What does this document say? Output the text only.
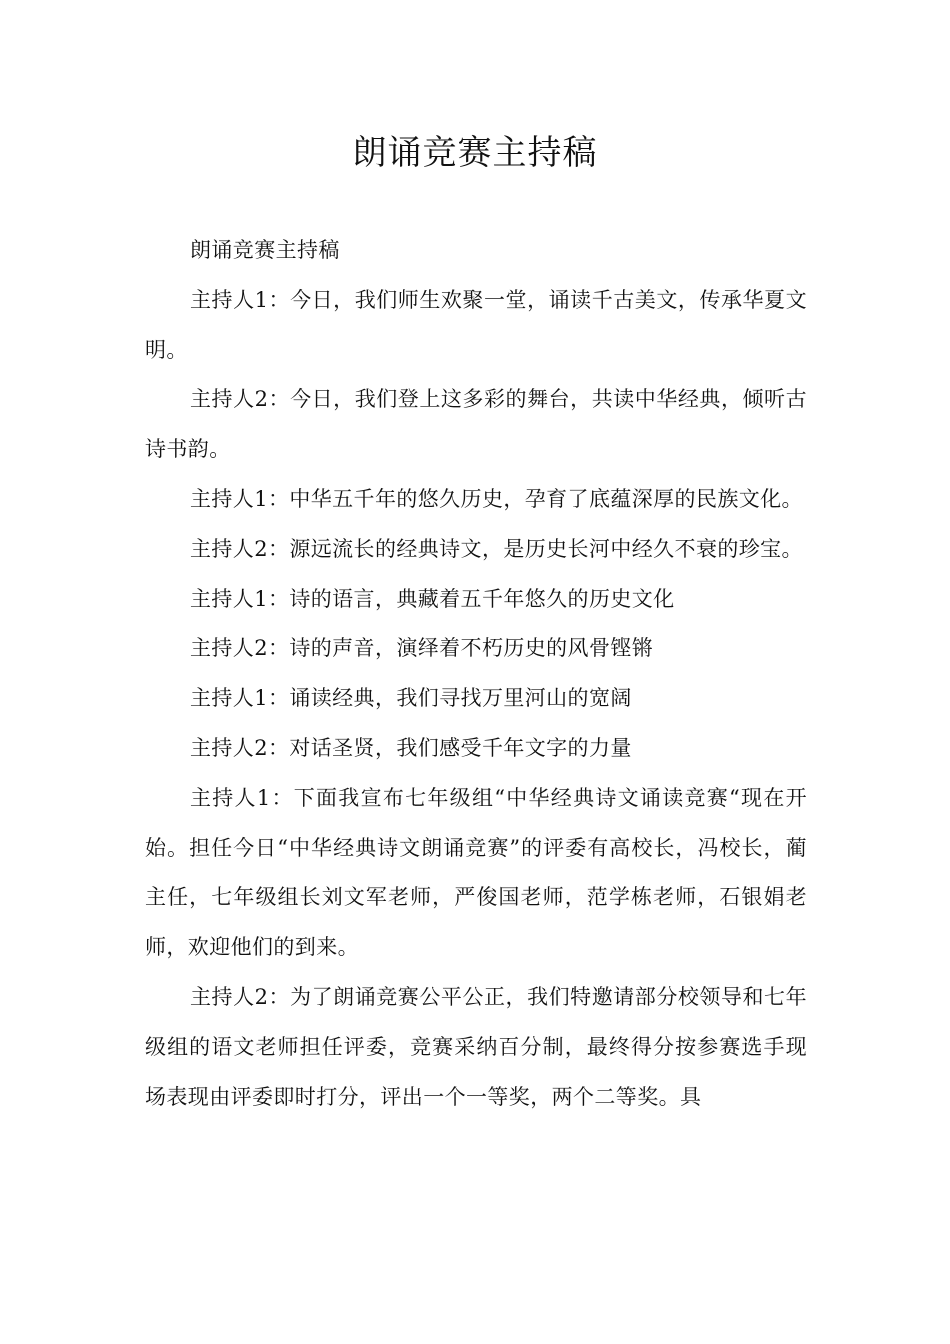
朗诵竞赛主持稿

朗诵竞赛主持稿

主持人1：今日，我们师生欢聚一堂，诵读千古美文，传承华夏文明。

主持人2：今日，我们登上这多彩的舞台，共读中华经典，倾听古诗书韵。

主持人1：中华五千年的悠久历史，孕育了底蕴深厚的民族文化。

主持人2：源远流长的经典诗文，是历史长河中经久不衰的珍宝。

主持人1：诗的语言，典藏着五千年悠久的历史文化

主持人2：诗的声音，演绎着不朽历史的风骨铿锵

主持人1：诵读经典，我们寻找万里河山的宽阔

主持人2：对话圣贤，我们感受千年文字的力量

主持人1：下面我宣布七年级组“中华经典诗文诵读竞赛“现在开始。担任今日“中华经典诗文朗诵竞赛”的评委有高校长，冯校长，蔺主任，七年级组长刘文军老师，严俊国老师，范学栋老师，石银娟老师，欢迎他们的到来。

主持人2：为了朗诵竞赛公平公正，我们特邀请部分校领导和七年级组的语文老师担任评委，竞赛采纳百分制，最终得分按参赛选手现场表现由评委即时打分，评出一个一等奖，两个二等奖。具
